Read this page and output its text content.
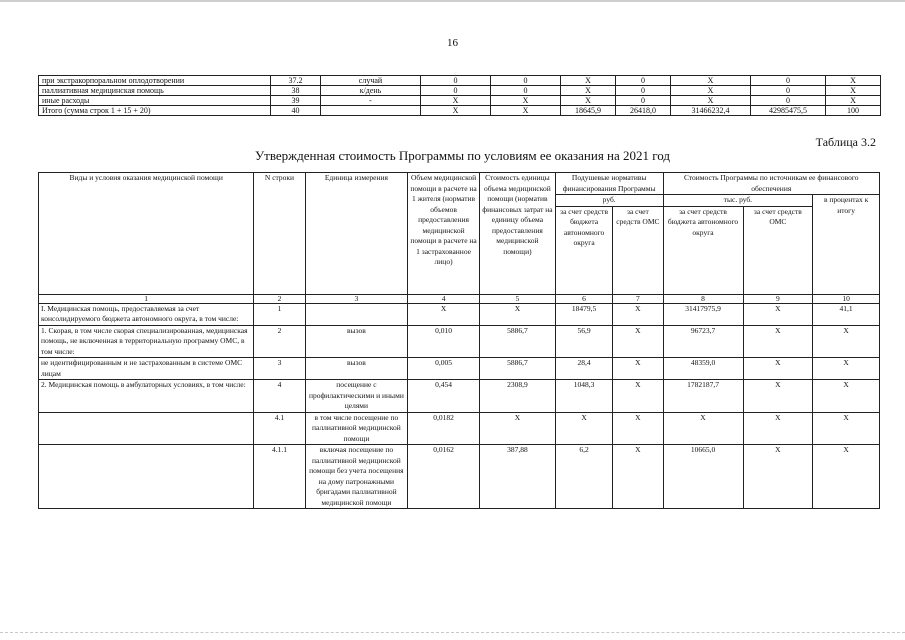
16
при экстракорпоральном оплодотворении	37.2	случай	0	0	X	0	X	0	X
паллиативная медицинская помощь	38	к/день	0	0	X	0	X	0	X
иные расходы	39	-	X	X	X	0	X	0	X
Итого (сумма строк 1 + 15 + 20)	40		X	X	18645,9	26418,0	31466232,4	42985475,5	100
Таблица 3.2
Утвержденная стоимость Программы по условиям ее оказания на 2021 год
Виды и условия оказания медицинской помощи	N строки	Единица измерения	Объем медицинской помощи в расчете на 1 жителя (норматив объемов предоставления медицинской помощи в расчете на 1 застрахованное лицо)	Стоимость единицы объема медицинской помощи (норматив финансовых затрат на единицу объема предоставления медицинской помощи)	Подушевые нормативы финансирования Программы		Стоимость Программы по источникам ее финансового обеспечения		
					руб.		тыс. руб.		в процентах к итогу
					за счет средств бюджета автономного округа	за счет средств ОМС	за счет средств бюджета автономного округа	за счет средств ОМС	
1	2	3	4	5	6	7	8	9	10
I. Медицинская помощь, предоставляемая за счет консолидируемого бюджета автономного округа, в том числе:	1		X	X	18479,5	X	31417975,9	X	41,1
1. Скорая, в том числе скорая специализированная, медицинская помощь, не включенная в территориальную программу ОМС, в том числе:	2	вызов	0,010	5886,7	56,9	X	96723,7	X	X
не идентифицированным и не застрахованным в системе ОМС лицам	3	вызов	0,005	5886,7	28,4	X	48359,0	X	X
2. Медицинская помощь в амбулаторных условиях, в том числе:	4	посещение с профилактическими и иными целями	0,454	2308,9	1048,3	X	1782187,7	X	X
	4.1	в том числе посещение по паллиативной медицинской помощи	0,0182	X	X	X	X	X	X
	4.1.1	включая посещение по паллиативной медицинской помощи без учета посещения на дому патронажными бригадами паллиативной медицинской помощи	0,0162	387,88	6,2	X	10665,0	X	X
